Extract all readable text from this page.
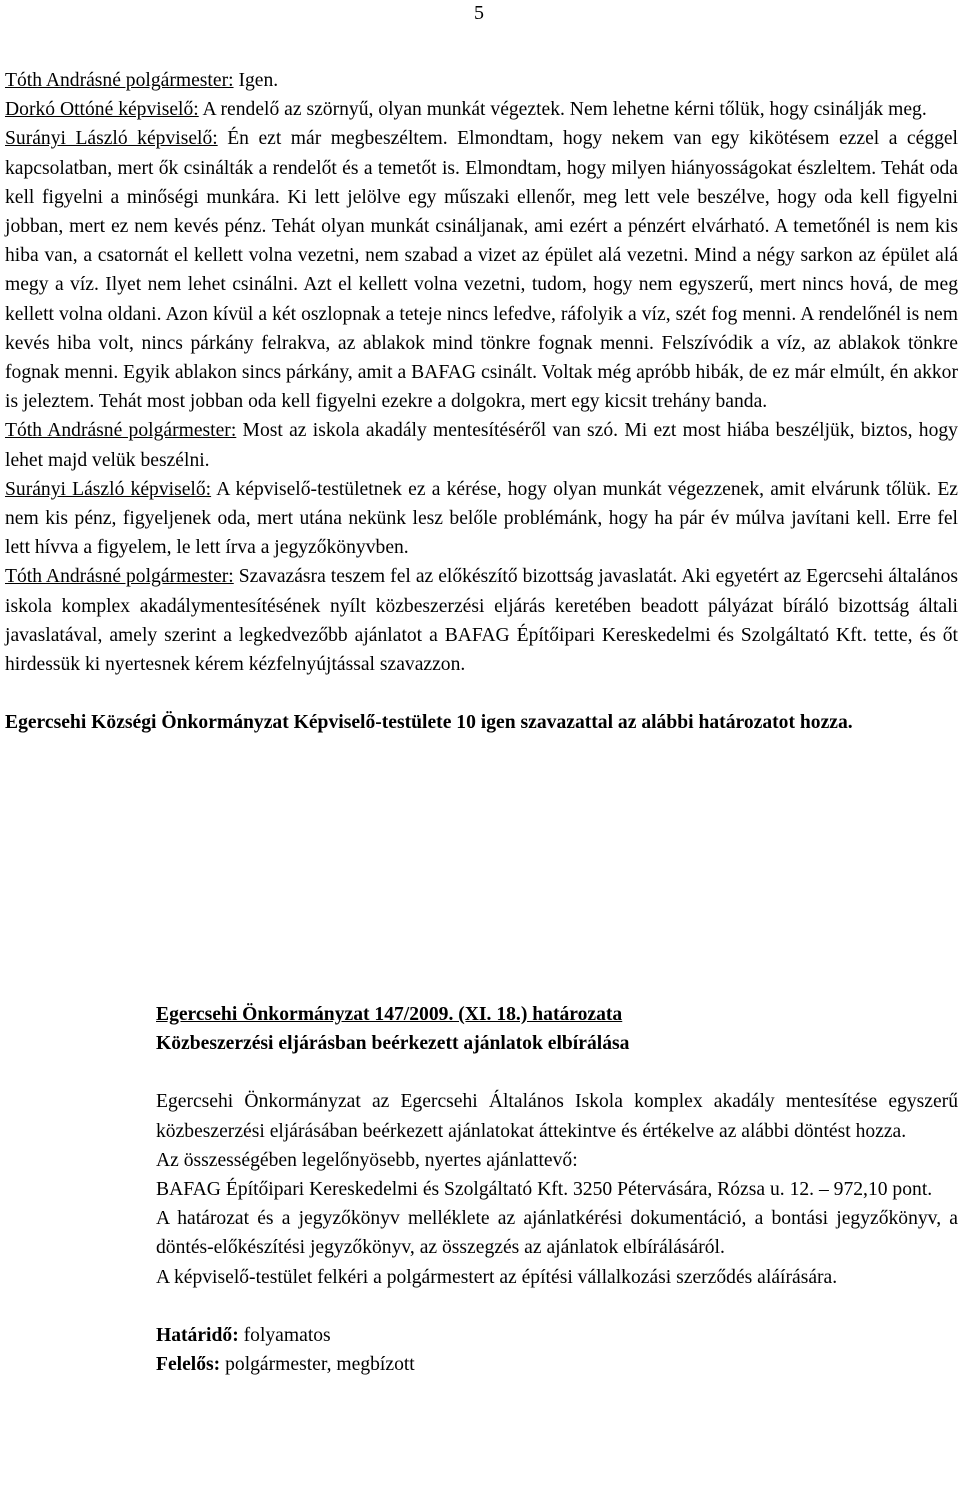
5

Tóth Andrásné polgármester: Igen.

Dorkó Ottóné képviselő: A rendelő az szörnyű, olyan munkát végeztek. Nem lehetne kérni tőlük, hogy csinálják meg.

Surányi László képviselő: Én ezt már megbeszéltem. Elmondtam, hogy nekem van egy kikötésem ezzel a céggel kapcsolatban, mert ők csinálták a rendelőt és a temetőt is. Elmondtam, hogy milyen hiányosságokat észleltem. Tehát oda kell figyelni a minőségi munkára. Ki lett jelölve egy műszaki ellenőr, meg lett vele beszélve, hogy oda kell figyelni jobban, mert ez nem kevés pénz. Tehát olyan munkát csináljanak, ami ezért a pénzért elvárható. A temetőnél is nem kis hiba van, a csatornát el kellett volna vezetni, nem szabad a vizet az épület alá vezetni. Mind a négy sarkon az épület alá megy a víz. Ilyet nem lehet csinálni. Azt el kellett volna vezetni, tudom, hogy nem egyszerű, mert nincs hová, de meg kellett volna oldani. Azon kívül a két oszlopnak a teteje nincs lefedve, ráfolyik a víz, szét fog menni. A rendelőnél is nem kevés hiba volt, nincs párkány felrakva, az ablakok mind tönkre fognak menni. Felszívódik a víz, az ablakok tönkre fognak menni. Egyik ablakon sincs párkány, amit a BAFAG csinált. Voltak még apróbb hibák, de ez már elmúlt, én akkor is jeleztem. Tehát most jobban oda kell figyelni ezekre a dolgokra, mert egy kicsit trehány banda.

Tóth Andrásné polgármester: Most az iskola akadály mentesítéséről van szó. Mi ezt most hiába beszéljük, biztos, hogy lehet majd velük beszélni.

Surányi László képviselő: A képviselő-testületnek ez a kérése, hogy olyan munkát végezzenek, amit elvárunk tőlük. Ez nem kis pénz, figyeljenek oda, mert utána nekünk lesz belőle problémánk, hogy ha pár év múlva javítani kell. Erre fel lett hívva a figyelem, le lett írva a jegyzőkönyvben.

Tóth Andrásné polgármester: Szavazásra teszem fel az előkészítő bizottság javaslatát. Aki egyetért az Egercsehi általános iskola komplex akadálymentesítésének nyílt közbeszerzési eljárás keretében beadott pályázat bíráló bizottság általi javaslatával, amely szerint a legkedvezőbb ajánlatot a BAFAG Építőipari Kereskedelmi és Szolgáltató Kft. tette, és őt hirdessük ki nyertesnek kérem kézfelnyújtással szavazzon.

Egercsehi Községi Önkormányzat Képviselő-testülete 10 igen szavazattal az alábbi határozatot hozza.

Egercsehi Önkormányzat 147/2009. (XI. 18.) határozata

Közbeszerzési eljárásban beérkezett ajánlatok elbírálása

Egercsehi Önkormányzat az Egercsehi Általános Iskola komplex akadály mentesítése egyszerű közbeszerzési eljárásában beérkezett ajánlatokat áttekintve és értékelve az alábbi döntést hozza.

Az összességében legelőnyösebb, nyertes ajánlattevő:

BAFAG Építőipari Kereskedelmi és Szolgáltató Kft. 3250 Pétervására, Rózsa u. 12. – 972,10 pont.

A határozat és a jegyzőkönyv melléklete az ajánlatkérési dokumentáció, a bontási jegyzőkönyv, a döntés-előkészítési jegyzőkönyv, az összegzés az ajánlatok elbírálásáról.

A képviselő-testület felkéri a polgármestert az építési vállalkozási szerződés aláírására.

Határidő: folyamatos

Felelős: polgármester, megbízott
